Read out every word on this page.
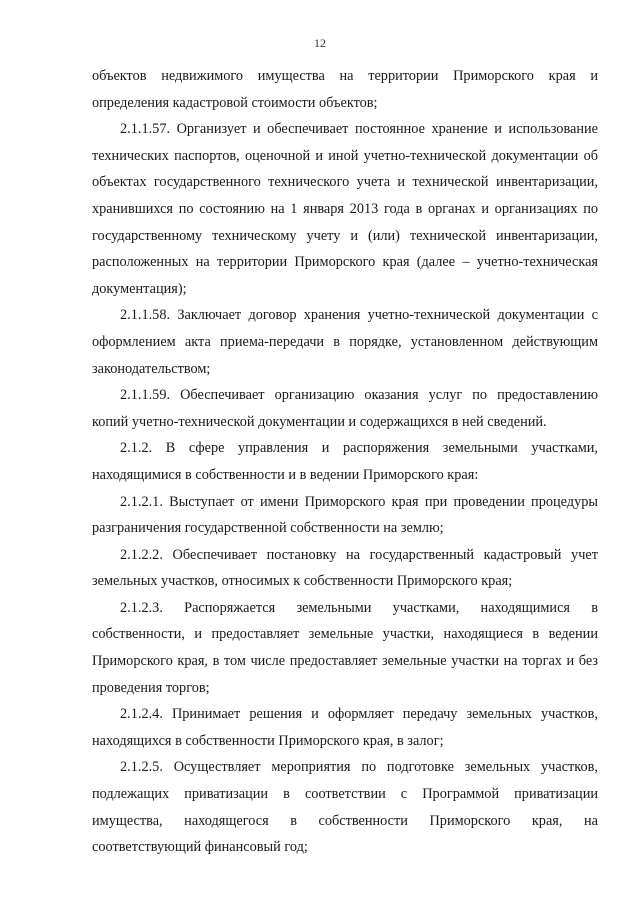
12

объектов недвижимого имущества на территории Приморского края и определения кадастровой стоимости объектов;

2.1.1.57. Организует и обеспечивает постоянное хранение и использование технических паспортов, оценочной и иной учетно-технической документации об объектах государственного технического учета и технической инвентаризации, хранившихся по состоянию на 1 января 2013 года в органах и организациях по государственному техническому учету и (или) технической инвентаризации, расположенных на территории Приморского края (далее – учетно-техническая документация);

2.1.1.58. Заключает договор хранения учетно-технической документации с оформлением акта приема-передачи в порядке, установленном действующим законодательством;

2.1.1.59. Обеспечивает организацию оказания услуг по предоставлению копий учетно-технической документации и содержащихся в ней сведений.

2.1.2. В сфере управления и распоряжения земельными участками, находящимися в собственности и в ведении Приморского края:

2.1.2.1. Выступает от имени Приморского края при проведении процедуры разграничения государственной собственности на землю;

2.1.2.2. Обеспечивает постановку на государственный кадастровый учет земельных участков, относимых к собственности Приморского края;

2.1.2.3. Распоряжается земельными участками, находящимися в собственности, и предоставляет земельные участки, находящиеся в ведении Приморского края, в том числе предоставляет земельные участки на торгах и без проведения торгов;

2.1.2.4. Принимает решения и оформляет передачу земельных участков, находящихся в собственности Приморского края, в залог;

2.1.2.5. Осуществляет мероприятия по подготовке земельных участков, подлежащих приватизации в соответствии с Программой приватизации имущества, находящегося в собственности Приморского края, на соответствующий финансовый год;
